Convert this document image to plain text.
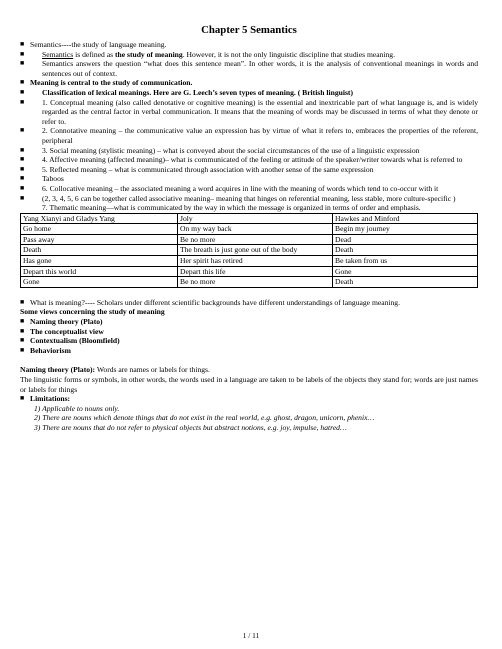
Chapter 5 Semantics

■ Semantics----the study of language meaning.

■ Semantics is defined as the study of meaning. However, it is not the only linguistic discipline that studies meaning.

■ Semantics answers the question “what does this sentence mean”. In other words, it is the analysis of conventional meanings in words and sentences out of context.

■ Meaning is central to the study of communication.

■ Classification of lexical meanings. Here are G. Leech’s seven types of meaning. ( British linguist)

■ 1. Conceptual meaning (also called denotative or cognitive meaning) is the essential and inextricable part of what language is, and is widely regarded as the central factor in verbal communication. It means that the meaning of words may be discussed in terms of what they denote or refer to.

■ 2. Connotative meaning – the communicative value an expression has by virtue of what it refers to, embraces the properties of the referent, peripheral

■ 3. Social meaning (stylistic meaning) – what is conveyed about the social circumstances of the use of a linguistic expression

■ 4. Affective meaning (affected meaning)– what is communicated of the feeling or attitude of the speaker/writer towards what is referred to

■ 5. Reflected meaning – what is communicated through association with another sense of the same expression

■ Taboos

■ 6. Collocative meaning – the associated meaning a word acquires in line with the meaning of words which tend to co-occur with it

■ (2, 3, 4, 5, 6 can be together called associative meaning– meaning that hinges on referential meaning, less stable, more culture-specific )

7. Thematic meaning—what is communicated by the way in which the message is organized in terms of order and emphasis.

Yang Xianyi and Gladys Yang	Joly	Hawkes and Minford
Go home	On my way back	Begin my journey
Pass away	Be no more	Dead
Death	The breath is just gone out of the body	Death
Has gone	Her spirit has retired	Be taken from us
Depart this world	Depart this life	Gone
Gone	Be no more	Death

■ What is meaning?---- Scholars under different scientific backgrounds have different understandings of language meaning.

Some views concerning the study of meaning

■ Naming theory (Plato)

■ The conceptualist view

■ Contextualism (Bloomfield)

■ Behaviorism

Naming theory (Plato): Words are names or labels for things.

The linguistic forms or symbols, in other words, the words used in a language are taken to be labels of the objects they stand for; words are just names or labels for things

■ Limitations:

1) Applicable to nouns only.

2) There are nouns which denote things that do not exist in the real world, e.g. ghost, dragon, unicorn, phenix…

3) There are nouns that do not refer to physical objects but abstract notions, e.g. joy, impulse, hatred…

1 / 11
